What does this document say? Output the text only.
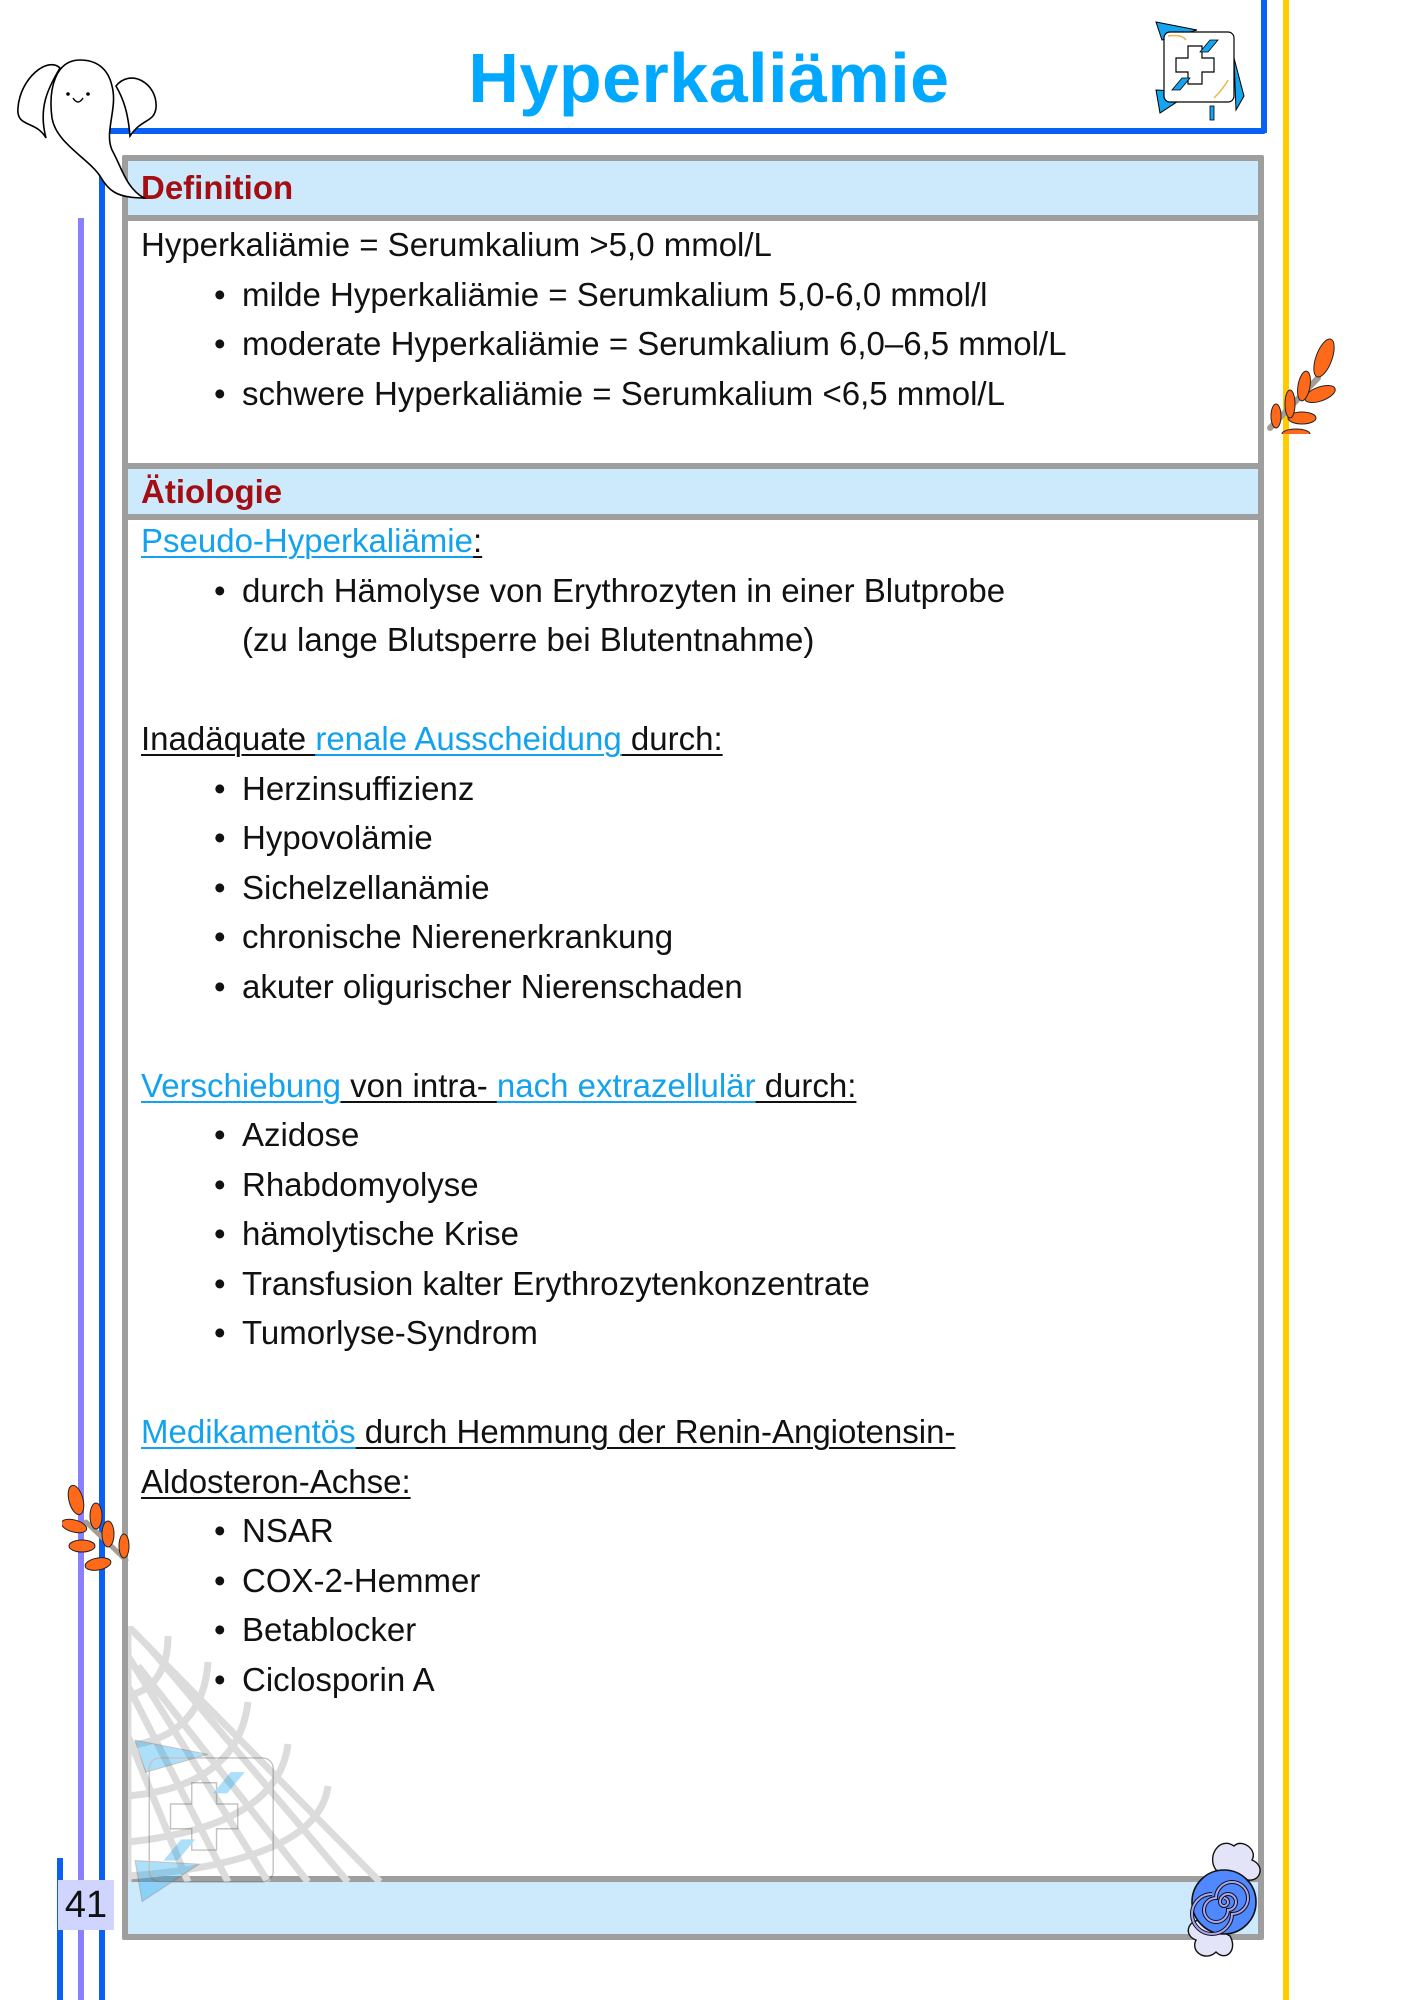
Hyperkaliämie
Definition
Ätiologie
Hyperkaliämie = Serumkalium >5,0 mmol/L
• milde Hyperkaliämie = Serumkalium 5,0-6,0 mmol/l
• moderate Hyperkaliämie = Serumkalium 6,0–6,5 mmol/L
• schwere Hyperkaliämie = Serumkalium <6,5 mmol/L
Pseudo-Hyperkaliämie:
• durch Hämolyse von Erythrozyten in einer Blutprobe
(zu lange Blutsperre bei Blutentnahme)
Inadäquate renale Ausscheidung durch:
• Herzinsuffizienz
• Hypovolämie
• Sichelzellanämie
• chronische Nierenerkrankung
• akuter oligurischer Nierenschaden
Verschiebung von intra- nach extrazellulär durch:
• Azidose
• Rhabdomyolyse
• hämolytische Krise
• Transfusion kalter Erythrozytenkonzentrate
• Tumorlyse-Syndrom
Medikamentös durch Hemmung der Renin-Angiotensin-
Aldosteron-Achse:
• NSAR
• COX-2-Hemmer
• Betablocker
• Ciclosporin A
41
